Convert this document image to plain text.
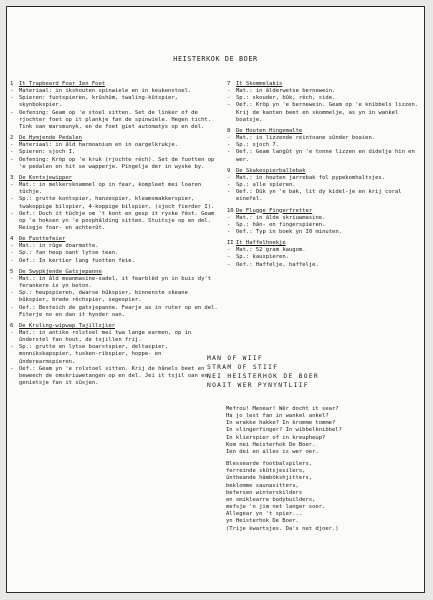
HEISTERKOK DE BOER
1 It Trapbeard Foar Ien Foet
-	Materiaal: in ikshouten spinwiele en in keukenstoel.
-	Spieren: fuotspieren, krûshûm, twaling-kûtspier, skynbokspier.
-	Oefening: Geam op 'e stoel sitten. Set de linker of de rjochter foet op it plankje fan de spinwiele. Hegen ticht. Tink oan marsmunyk, en de foet giet automatys op en del.
2 De Hymjende Pedalen
-	Materiaal: in âld harmoanium en in oargelkrukje.
-	Spieren: sjoch I.
-	Oefening: Kröp op 'e kruk (rjochte rêch). Set de fuotten op 'e pedalen en hit se wapperje. Pingelje der in wyske by.
3 De Kontsjewipper
-	Mat.: in melkersknammel op in fear, kompleet mei loaren tûchje.
-	Sp.: grutte kontspier, hanzespier, kleamsmakkerspier, twakoppige bilspier, 4-koppige bilspier, (sjoch fierder I).
-	Oef.: Doch it tûchje om 't kont en gesp it ryske fêst. Geam op 'e hoksen yn 'e posphâlding sitten. Stuitsje op en del. Reisgje foar- en achterût.
4 De Fuottefeier
-	Mat.: in rûge doarmatte.
-	Sp.: fan heup oant lytse tean.
-	Oef.: In kertier lang fuotten feie.
5 De Swypkjende Gatsjepanne
-	Mat.: in âld meanmasine-sadel, it fearblêd yn in buis dy't ferankere is yn beton.
-	Sp.: heupspieren, dwarse bûkspier, binnenste skeane bûkspier, brede rêchspier, segespier.
-	Oef.: Besteich de gatsjepanne. Fearje as in ruter op en del. Fiterje no en dan it hynder oan.
6 De Kruling-wipwap Tajillsjier
-	Mat.: in antike rolstoel mei twa lange earmen, op in ûnderstel fan hout, de tsjillen frij.
-	Sp.: grutte en lytse boarstspier, deltaspier, monnikskapspier, tusken-ribspier, hoppe- en ûnderearmspieren.
-	Oef.: Geam yn 'e rolstoel sitten. Krij de hânels beet en beweech de omskriuwetangen op en del. Jei it tsjil oan en genietsje fan it sûsjen.
7 It Skommelakis
-	Mat.: in âlderwetse bernewein.
-	Sp.: skouder, bûk, rêch, side.
-	Oef.: Kröp yn 'e bernewein. Geam op 'e knibbels lizzen. Krij de kanten beet en skommelje, as yn in wankel boatsje.
8 De Houten Hingemalte
-	Mat.: in lizzende reintoane sûnder boaien.
-	Sp.: sjoch 7.
-	Oef.: Geam langût yn 'e tonne lizzen en didelje hin en wer.
9 De Skakespierballebak
-	Mat.: in houten jarrebak fol pypekomhaltsjes.
-	Sp.: alle spieren.
-	Oef.: Dûk yn 'e bak, lit dy kidel-je en krij coral einefel.
10 De Flugge Fingerfretter
-	Mat.: in âlde skriuwmasine.
-	Sp.: hân- en fingerspieren.
-	Oef.: Typ in boek yn I0 minuten.
II It Haffelhoekje
-	Mat.: 52 gram kaugom.
-	Sp.: kauspieren.
-	Oef.: Haffelje, haffelje.
MAN OF WIIF
STRAM OF STIIF
NEI HEISTERHOK DE BOER
NOAIT WER PYNYNTLIIF
Mefrou! Menear! Wêr docht it sear?
Ha jo lest fan in wankel ankel?
In wrakke hakke? In kromme tomme?
In slingerfinger? In wibbelknibbel?
In klierspier of in kreupheup?
Kom nei Heisterhok De Boer.
Ien dei en alles is wer oer.
Blessearde footbalspilers,
ferreinde skûtsjesilers,
ûntheande hâmbôkshjitters,
beklomme saunasitters,
befersen winterskilders
en smiklearre bodybuilders,
mefsje 'n jim net langer soer.
Allegear yn 't spier...
yn Heisterhok De Boer.
(Trije kwartsjes. Da's net djoer.)
